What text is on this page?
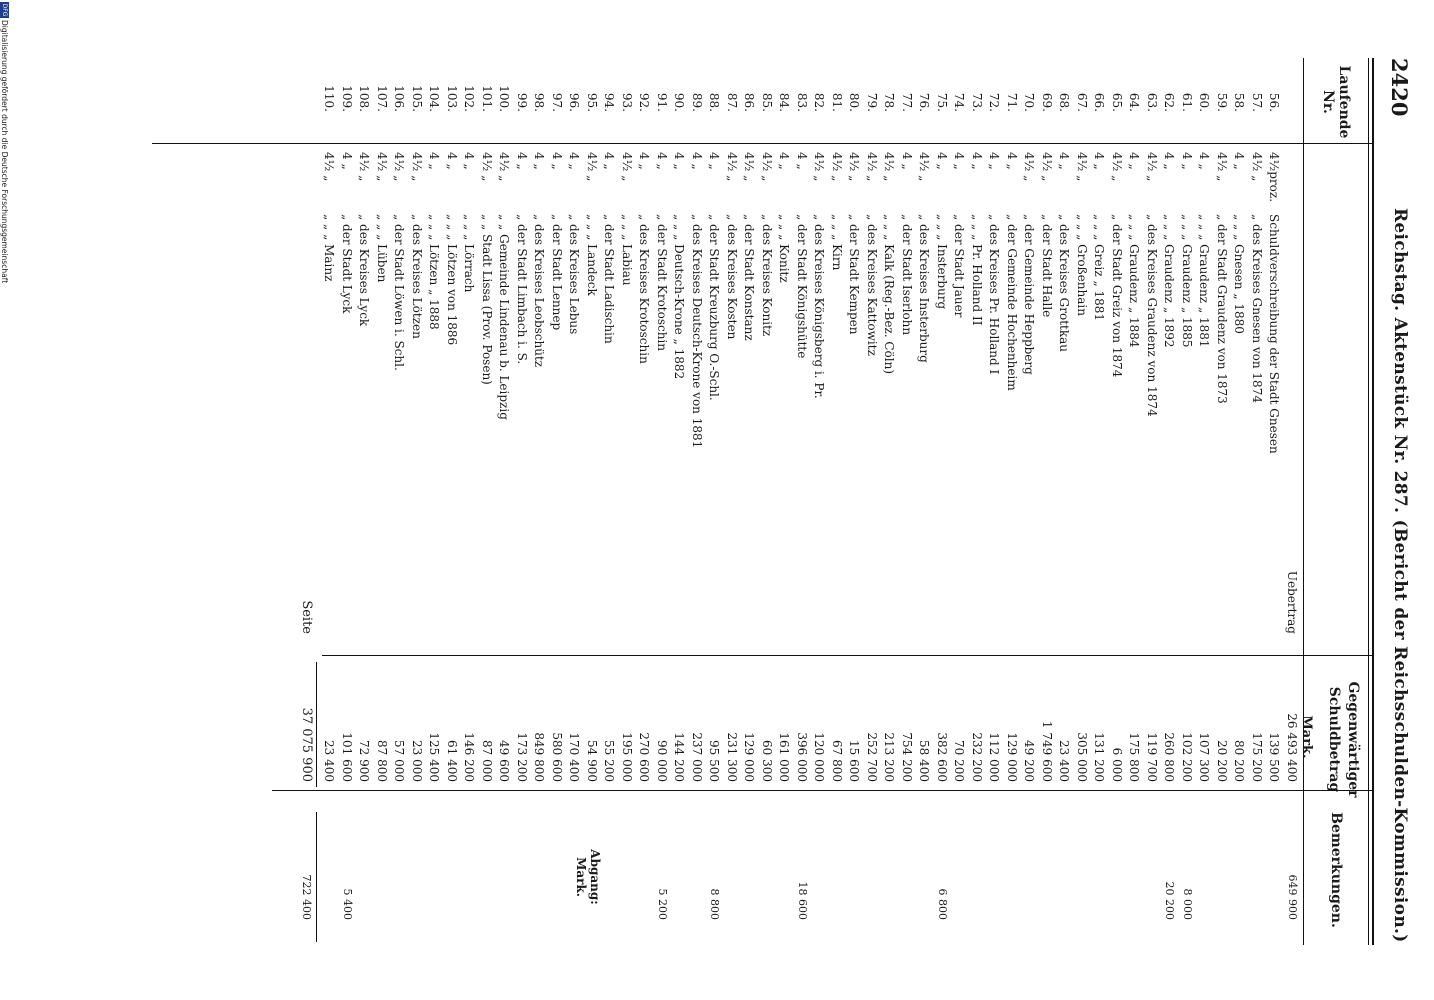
2420
Reichstag. Aktenstück Nr. 287. (Bericht der Reichsschulden-Kommission.)
Laufende Nr.
Gegenwärtiger
Schuldbetrag
Mark.
Bemerkungen.
Abgang:
Mark.
Uebertrag
26 493 400
649 900
56.
4½proz.
Schuldverschreibung der Stadt Gnesen
139 500
57.
4½ „
„ des Kreises Gnesen von 1874
175 200
58.
4 „
„ „ „ Gnesen „ 1880
80 200
59.
4½ „
„ der Stadt Graudenz von 1873
20 200
60.
4 „
„ „ „ Graudenz „ 1881
107 300
61.
4 „
„ „ „ Graudenz „ 1885
102 200
8 000
62.
4 „
„ „ „ Graudenz „ 1892
260 800
20 200
63.
4½ „
„ des Kreises Graudenz von 1874
119 700
64.
4 „
„ „ „ Graudenz „ 1884
175 800
65.
4½ „
„ der Stadt Greiz von 1874
6 000
66.
4 „
„ „ „ Greiz „ 1881
131 200
67.
4½ „
„ „ „ Großenhain
305 000
68.
4 „
„ des Kreises Grottkau
23 400
69.
4½ „
„ der Stadt Halle
1 749 600
70.
4½ „
„ der Gemeinde Heppberg
49 200
71.
4 „
„ der Gemeinde Hochenheim
129 000
72.
4 „
„ des Kreises Pr. Holland I
112 000
73.
4 „
„ „ „ Pr. Holland II
232 200
74.
4 „
„ der Stadt Jauer
70 200
75.
4 „
„ „ „ Insterburg
382 600
6 800
76.
4½ „
„ des Kreises Insterburg
58 400
77.
4 „
„ der Stadt Iserlohn
754 200
78.
4½ „
„ „ „ Kalk (Reg.-Bez. Cöln)
213 200
79.
4½ „
„ des Kreises Kattowitz
252 700
80.
4½ „
„ der Stadt Kempen
15 600
81.
4½ „
„ „ „ Kirn
67 800
82.
4½ „
„ des Kreises Königsberg i. Pr.
120 000
83.
4 „
„ der Stadt Königshütte
396 000
18 600
84.
4 „
„ „ „ Konitz
161 000
85.
4½ „
„ des Kreises Konitz
60 300
86.
4½ „
„ der Stadt Konstanz
129 000
87.
4½ „
„ des Kreises Kosten
231 300
88.
4 „
„ der Stadt Kreuzburg O.-Schl.
95 500
8 800
89.
4 „
„ des Kreises Deutsch-Krone von 1881
237 000
90.
4 „
„ „ „ Deutsch-Krone „ 1882
144 200
91.
4 „
„ der Stadt Krotoschin
90 000
5 200
92.
4 „
„ des Kreises Krotoschin
270 600
93.
4½ „
„ „ „ Labiau
195 000
94.
4 „
„ der Stadt Ladischin
55 200
95.
4½ „
„ „ „ Landeck
54 900
96.
4 „
„ des Kreises Lebus
170 400
97.
4 „
„ der Stadt Lennep
580 600
98.
4 „
„ des Kreises Leobschütz
849 800
99.
4 „
„ der Stadt Limbach i. S.
173 200
100.
4½ „
„ „ Gemeinde Lindenau b. Leipzig
49 600
101.
4½ „
„ „ Stadt Lissa (Prov. Posen)
87 000
102.
4 „
„ „ „ Lörrach
146 200
103.
4 „
„ „ „ Lötzen von 1886
61 400
104.
4 „
„ „ „ Lötzen „ 1888
125 400
105.
4½ „
„ des Kreises Lötzen
23 000
106.
4½ „
„ der Stadt Löwen i. Schl.
57 000
107.
4½ „
„ „ „ Lüben
87 800
108.
4½ „
„ des Kreises Lyck
72 900
109.
4 „
„ der Stadt Lyck
101 600
5 400
110.
4½ „
„ „ „ Mainz
23 400
Seite
37 075 900
722 400
DFG
Digitalisierung gefördert durch die Deutsche Forschungsgemeinschaft
